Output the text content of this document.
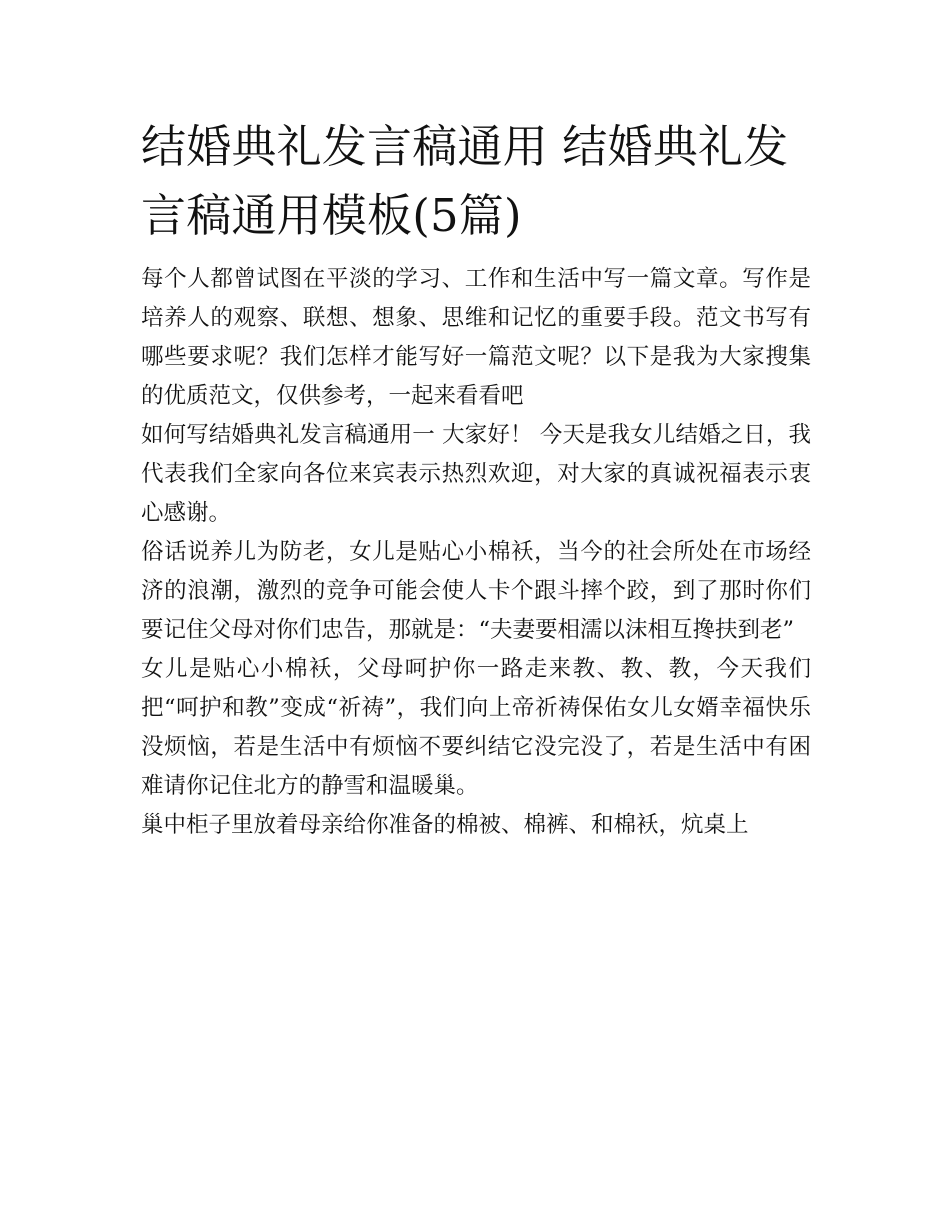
结婚典礼发言稿通用 结婚典礼发言稿通用模板(5篇)

每个人都曾试图在平淡的学习、工作和生活中写一篇文章。写作是培养人的观察、联想、想象、思维和记忆的重要手段。范文书写有哪些要求呢？我们怎样才能写好一篇范文呢？以下是我为大家搜集的优质范文，仅供参考，一起来看看吧

如何写结婚典礼发言稿通用一 大家好！ 今天是我女儿结婚之日，我代表我们全家向各位来宾表示热烈欢迎，对大家的真诚祝福表示衷心感谢。

俗话说养儿为防老，女儿是贴心小棉袄，当今的社会所处在市场经济的浪潮，激烈的竞争可能会使人卡个跟斗摔个跤，到了那时你们要记住父母对你们忠告，那就是：“夫妻要相濡以沫相互搀扶到老”

女儿是贴心小棉袄，父母呵护你一路走来教、教、教，今天我们把“呵护和教”变成“祈祷”，我们向上帝祈祷保佑女儿女婿幸福快乐没烦恼，若是生活中有烦恼不要纠结它没完没了，若是生活中有困难请你记住北方的静雪和温暖巢。

巢中柜子里放着母亲给你准备的棉被、棉裤、和棉袄，炕桌上
